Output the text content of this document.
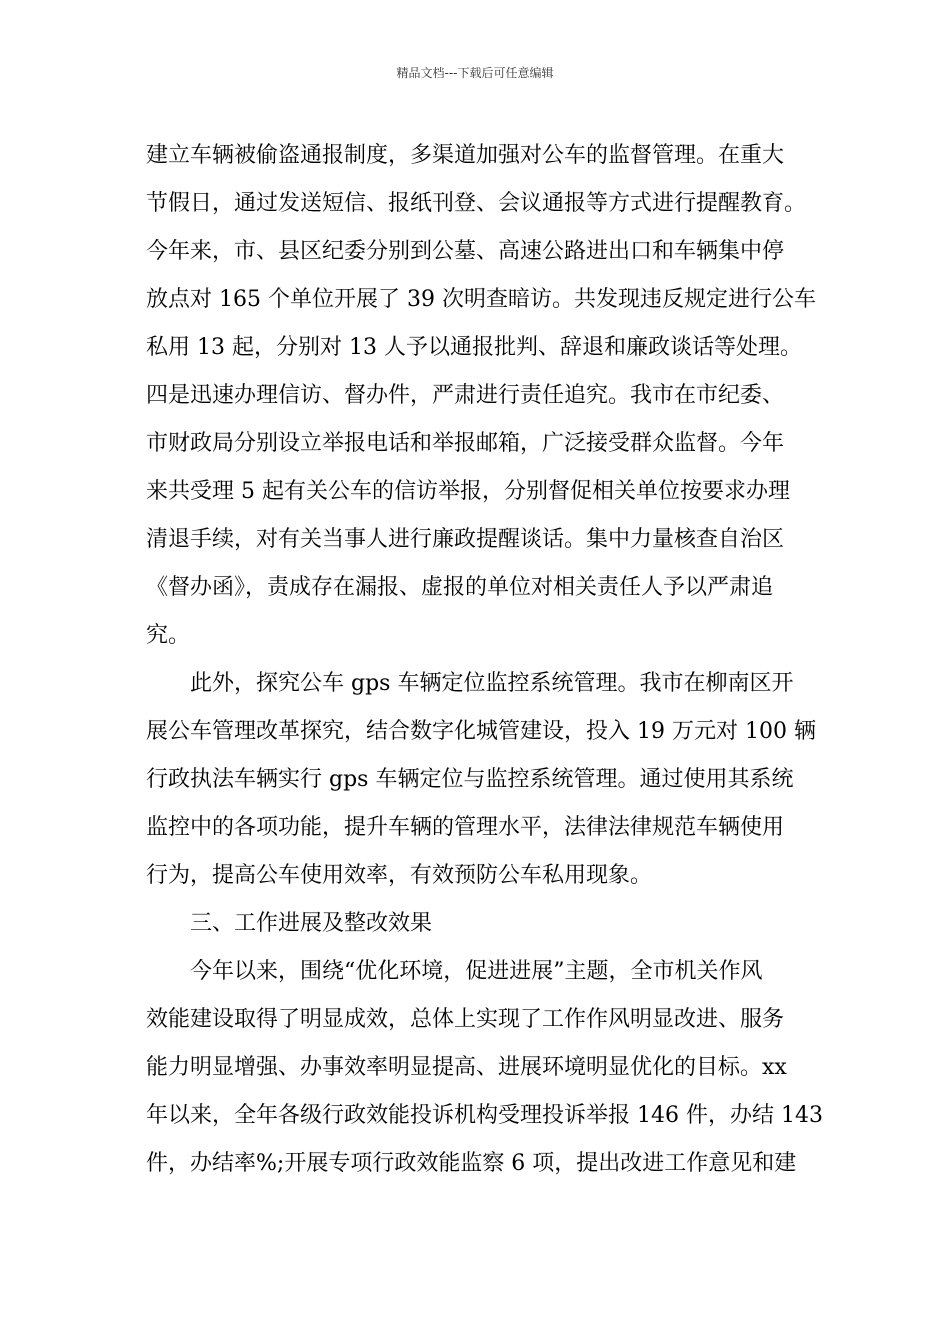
精品文档---下载后可任意编辑
建立车辆被偷盗通报制度，多渠道加强对公车的监督管理。在重大
节假日，通过发送短信、报纸刊登、会议通报等方式进行提醒教育。
今年来，市、县区纪委分别到公墓、高速公路进出口和车辆集中停
放点对 165 个单位开展了 39 次明查暗访。共发现违反规定进行公车
私用 13 起，分别对 13 人予以通报批判、辞退和廉政谈话等处理。
四是迅速办理信访、督办件，严肃进行责任追究。我市在市纪委、
市财政局分别设立举报电话和举报邮箱，广泛接受群众监督。今年
来共受理 5 起有关公车的信访举报，分别督促相关单位按要求办理
清退手续，对有关当事人进行廉政提醒谈话。集中力量核查自治区
《督办函》，责成存在漏报、虚报的单位对相关责任人予以严肃追
究。
此外，探究公车 gps 车辆定位监控系统管理。我市在柳南区开
展公车管理改革探究，结合数字化城管建设，投入 19 万元对 100 辆
行政执法车辆实行 gps 车辆定位与监控系统管理。通过使用其系统
监控中的各项功能，提升车辆的管理水平，法律法律规范车辆使用
行为，提高公车使用效率，有效预防公车私用现象。
三、工作进展及整改效果
今年以来，围绕“优化环境，促进进展”主题，全市机关作风
效能建设取得了明显成效，总体上实现了工作作风明显改进、服务
能力明显增强、办事效率明显提高、进展环境明显优化的目标。xx
年以来，全年各级行政效能投诉机构受理投诉举报 146 件，办结 143
件，办结率%;开展专项行政效能监察 6 项，提出改进工作意见和建
